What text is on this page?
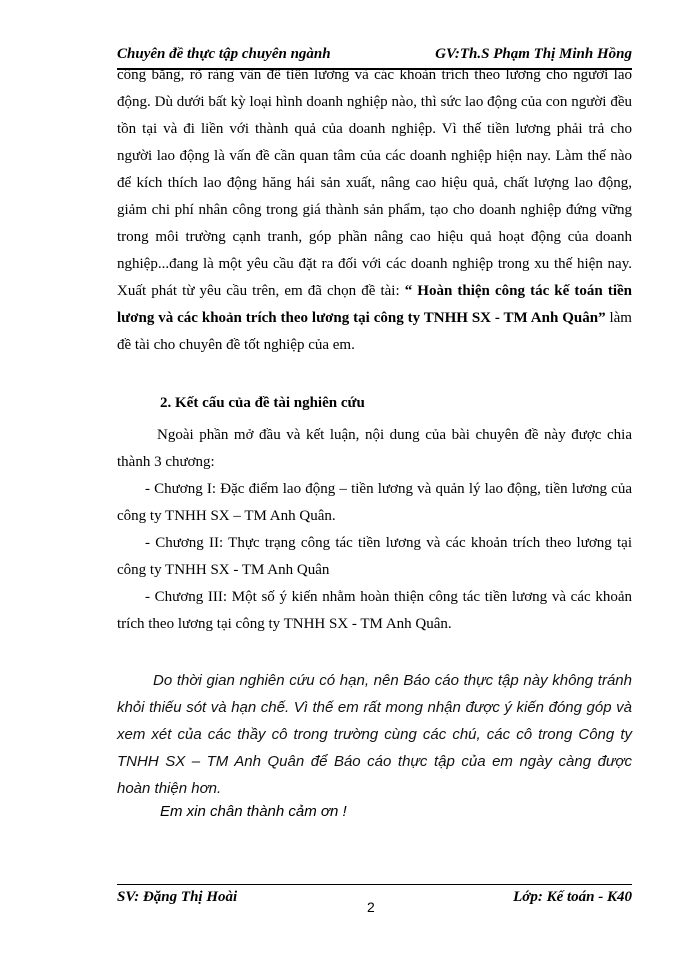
Chuyên đề thực tập chuyên ngành	GV:Th.S Phạm Thị Minh Hồng
công bằng, rõ ràng vấn đề tiền lương và các khoản trích theo lương cho người lao động. Dù dưới bất kỳ loại hình doanh nghiệp nào, thì sức lao động của con người đều tồn tại và đi liền với thành quả của doanh nghiệp. Vì thế tiền lương phải trả cho người lao động là vấn đề cần quan tâm của các doanh nghiệp hiện nay. Làm thế nào để kích thích lao động hăng hái sản xuất, nâng cao hiệu quả, chất lượng lao động, giảm chi phí nhân công trong giá thành sản phẩm, tạo cho doanh nghiệp đứng vững trong môi trường cạnh tranh, góp phần nâng cao hiệu quả hoạt động của doanh nghiệp...đang là một yêu cầu đặt ra đối với các doanh nghiệp trong xu thế hiện nay. Xuất phát từ yêu cầu trên, em đã chọn đề tài: “ Hoàn thiện công tác kế toán tiền lương và các khoản trích theo lương tại công ty TNHH SX - TM Anh Quân” làm đề tài cho chuyên đề tốt nghiệp của em.
2. Kết cấu của đề tài nghiên cứu
Ngoài phần mở đầu và kết luận, nội dung của bài chuyên đề này được chia thành 3 chương:
- Chương I: Đặc điểm lao động – tiền lương và quản lý lao động, tiền lương của công ty TNHH SX – TM Anh Quân.
- Chương II: Thực trạng công tác tiền lương và các khoản trích theo lương tại công ty TNHH SX - TM Anh Quân
- Chương III: Một số ý kiến nhằm hoàn thiện công tác tiền lương và các khoản trích theo lương tại công ty TNHH SX - TM Anh Quân.
Do thời gian nghiên cứu có hạn, nên Báo cáo thực tập này không tránh khỏi thiếu sót và hạn chế. Vì thế em rất mong nhận được ý kiến đóng góp và xem xét của các thầy cô trong trường cùng các chú, các cô trong Công ty TNHH SX – TM Anh Quân để Báo cáo thực tập của em ngày càng được hoàn thiện hơn.
Em xin chân thành cảm ơn !
SV: Đặng Thị Hoài	Lớp: Kế toán - K40
2
